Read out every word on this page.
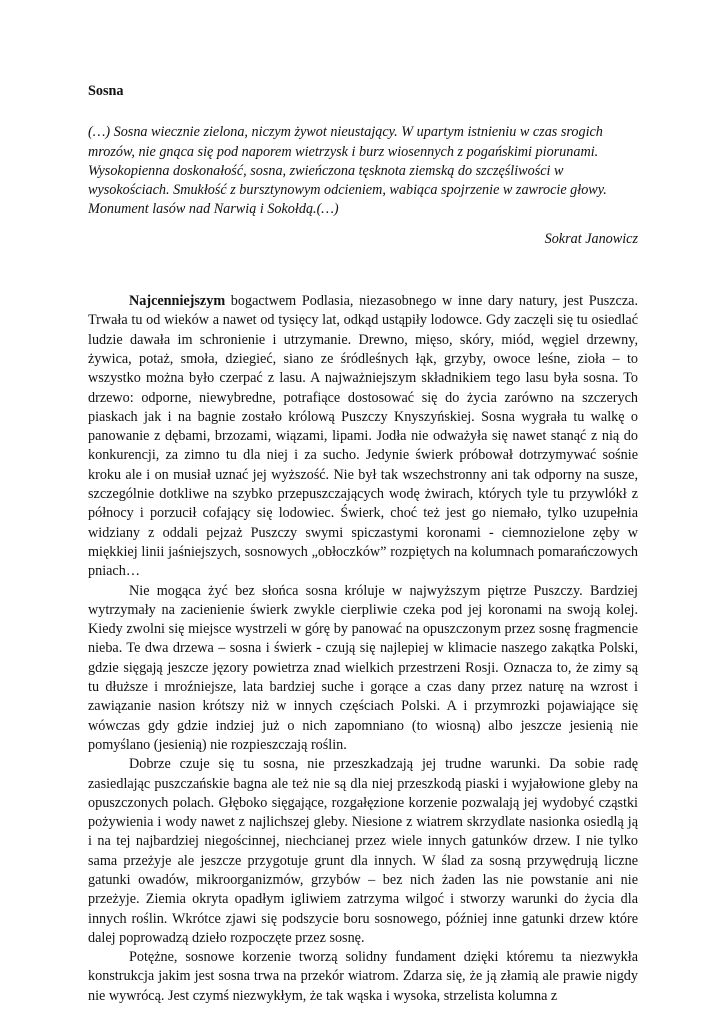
Sosna

(…) Sosna wiecznie zielona, niczym żywot nieustający. W upartym istnieniu w czas srogich mrozów, nie gnąca się pod naporem wietrzysk i burz wiosennych z pogańskimi piorunami. Wysokopienna doskonałość, sosna, zwieńczona tęsknota ziemską do szczęśliwości w wysokościach. Smukłość z bursztynowym odcieniem, wabiąca spojrzenie w zawrocie głowy. Monument lasów nad Narwią i Sokołdą.(…)

Sokrat Janowicz

Najcenniejszym bogactwem Podlasia, niezasobnego w inne dary natury, jest Puszcza. Trwała tu od wieków a nawet od tysięcy lat, odkąd ustąpiły lodowce. Gdy zaczęli się tu osiedlać ludzie dawała im schronienie i utrzymanie. Drewno, mięso, skóry, miód, węgiel drzewny, żywica, potaż, smoła, dziegieć, siano ze śródleśnych łąk, grzyby, owoce leśne, zioła – to wszystko można było czerpać z lasu. A najważniejszym składnikiem tego lasu była sosna. To drzewo: odporne, niewybredne, potrafiące dostosować się do życia zarówno na szczerych piaskach jak i na bagnie zostało królową Puszczy Knyszyńskiej. Sosna wygrała tu walkę o panowanie z dębami, brzozami, wiązami, lipami. Jodła nie odważyła się nawet stanąć z nią do konkurencji, za zimno tu dla niej i za sucho. Jedynie świerk próbował dotrzymywać sośnie kroku ale i on musiał uznać jej wyższość. Nie był tak wszechstronny ani tak odporny na susze, szczególnie dotkliwe na szybko przepuszczających wodę żwirach, których tyle tu przywlókł z północy i porzucił cofający się lodowiec. Świerk, choć też jest go niemało, tylko uzupełnia widziany z oddali pejzaż Puszczy swymi spiczastymi koronami - ciemnozielone zęby w miękkiej linii jaśniejszych, sosnowych „obłoczków” rozpiętych na kolumnach pomarańczowych pniach…

Nie mogąca żyć bez słońca sosna króluje w najwyższym piętrze Puszczy. Bardziej wytrzymały na zacienienie świerk zwykle cierpliwie czeka pod jej koronami na swoją kolej. Kiedy zwolni się miejsce wystrzeli w górę by panować na opuszczonym przez sosnę fragmencie nieba. Te dwa drzewa – sosna i świerk - czują się najlepiej w klimacie naszego zakątka Polski, gdzie sięgają jeszcze jęzory powietrza znad wielkich przestrzeni Rosji. Oznacza to, że zimy są tu dłuższe i mroźniejsze, lata bardziej suche i gorące a czas dany przez naturę na wzrost i zawiązanie nasion krótszy niż w innych częściach Polski. A i przymrozki pojawiające się wówczas gdy gdzie indziej już o nich zapomniano (to wiosną) albo jeszcze jesienią nie pomyślano (jesienią) nie rozpieszczają roślin.

Dobrze czuje się tu sosna, nie przeszkadzają jej trudne warunki. Da sobie radę zasiedlając puszczańskie bagna ale też nie są dla niej przeszkodą piaski i wyjałowione gleby na opuszczonych polach. Głęboko sięgające, rozgałęzione korzenie pozwalają jej wydobyć cząstki pożywienia i wody nawet z najlichszej gleby. Niesione z wiatrem skrzydlate nasionka osiedlą ją i na tej najbardziej niegościnnej, niechcianej przez wiele innych gatunków drzew. I nie tylko sama przeżyje ale jeszcze przygotuje grunt dla innych. W ślad za sosną przywędrują liczne gatunki owadów, mikroorganizmów, grzybów – bez nich żaden las nie powstanie ani nie przeżyje. Ziemia okryta opadłym igliwiem zatrzyma wilgoć i stworzy warunki do życia dla innych roślin. Wkrótce zjawi się podszycie boru sosnowego, później inne gatunki drzew które dalej poprowadzą dzieło rozpoczęte przez sosnę.

Potężne, sosnowe korzenie tworzą solidny fundament dzięki któremu ta niezwykła konstrukcja jakim jest sosna trwa na przekór wiatrom. Zdarza się, że ją złamią ale prawie nigdy nie wywrócą. Jest czymś niezwykłym, że tak wąska i wysoka, strzelista kolumna z
